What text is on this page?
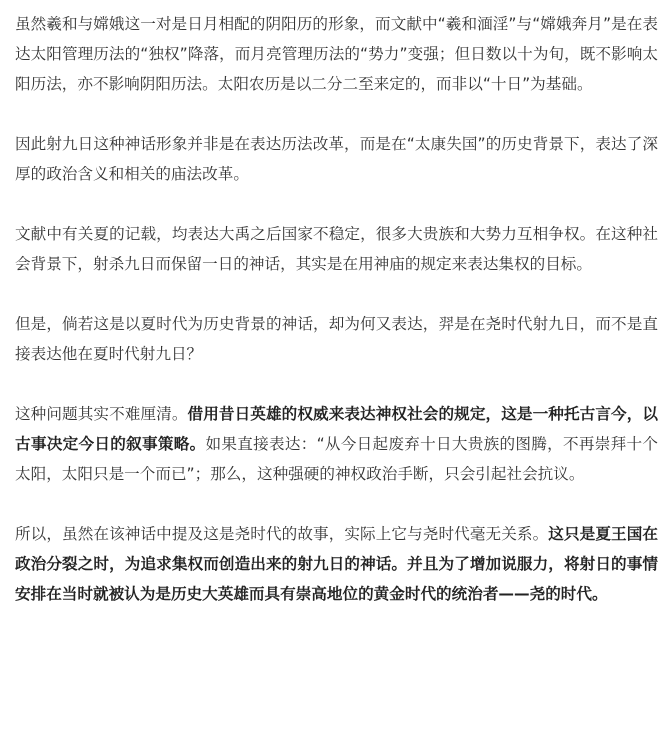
虽然羲和与嫦娥这一对是日月相配的阴阳历的形象，而文献中“羲和湎淫”与“嫦娥奔月”是在表达太阳管理历法的“独权”降落，而月亮管理历法的“势力”变强；但日数以十为旬，既不影响太阳历法，亦不影响阴阳历法。太阳农历是以二分二至来定的，而非以“十日”为基础。

因此射九日这种神话形象并非是在表达历法改革，而是在“太康失国”的历史背景下，表达了深厚的政治含义和相关的庙法改革。

文献中有关夏的记载，均表达大禹之后国家不稳定，很多大贵族和大势力互相争权。在这种社会背景下，射杀九日而保留一日的神话，其实是在用神庙的规定来表达集权的目标。

但是，倘若这是以夏时代为历史背景的神话，却为何又表达，羿是在尧时代射九日，而不是直接表达他在夏时代射九日？

这种问题其实不难厘清。借用昔日英雄的权威来表达神权社会的规定，这是一种托古言今，以古事决定今日的叙事策略。如果直接表达：“从今日起废弃十日大贵族的图腾，不再崇拜十个太阳，太阳只是一个而已”；那么，这种强硬的神权政治手断，只会引起社会抗议。

所以，虽然在该神话中提及这是尧时代的故事，实际上它与尧时代毫无关系。这只是夏王国在政治分裂之时，为追求集权而创造出来的射九日的神话。并且为了增加说服力，将射日的事情安排在当时就被认为是历史大英雄而具有崇高地位的黄金时代的统治者——尧的时代。
